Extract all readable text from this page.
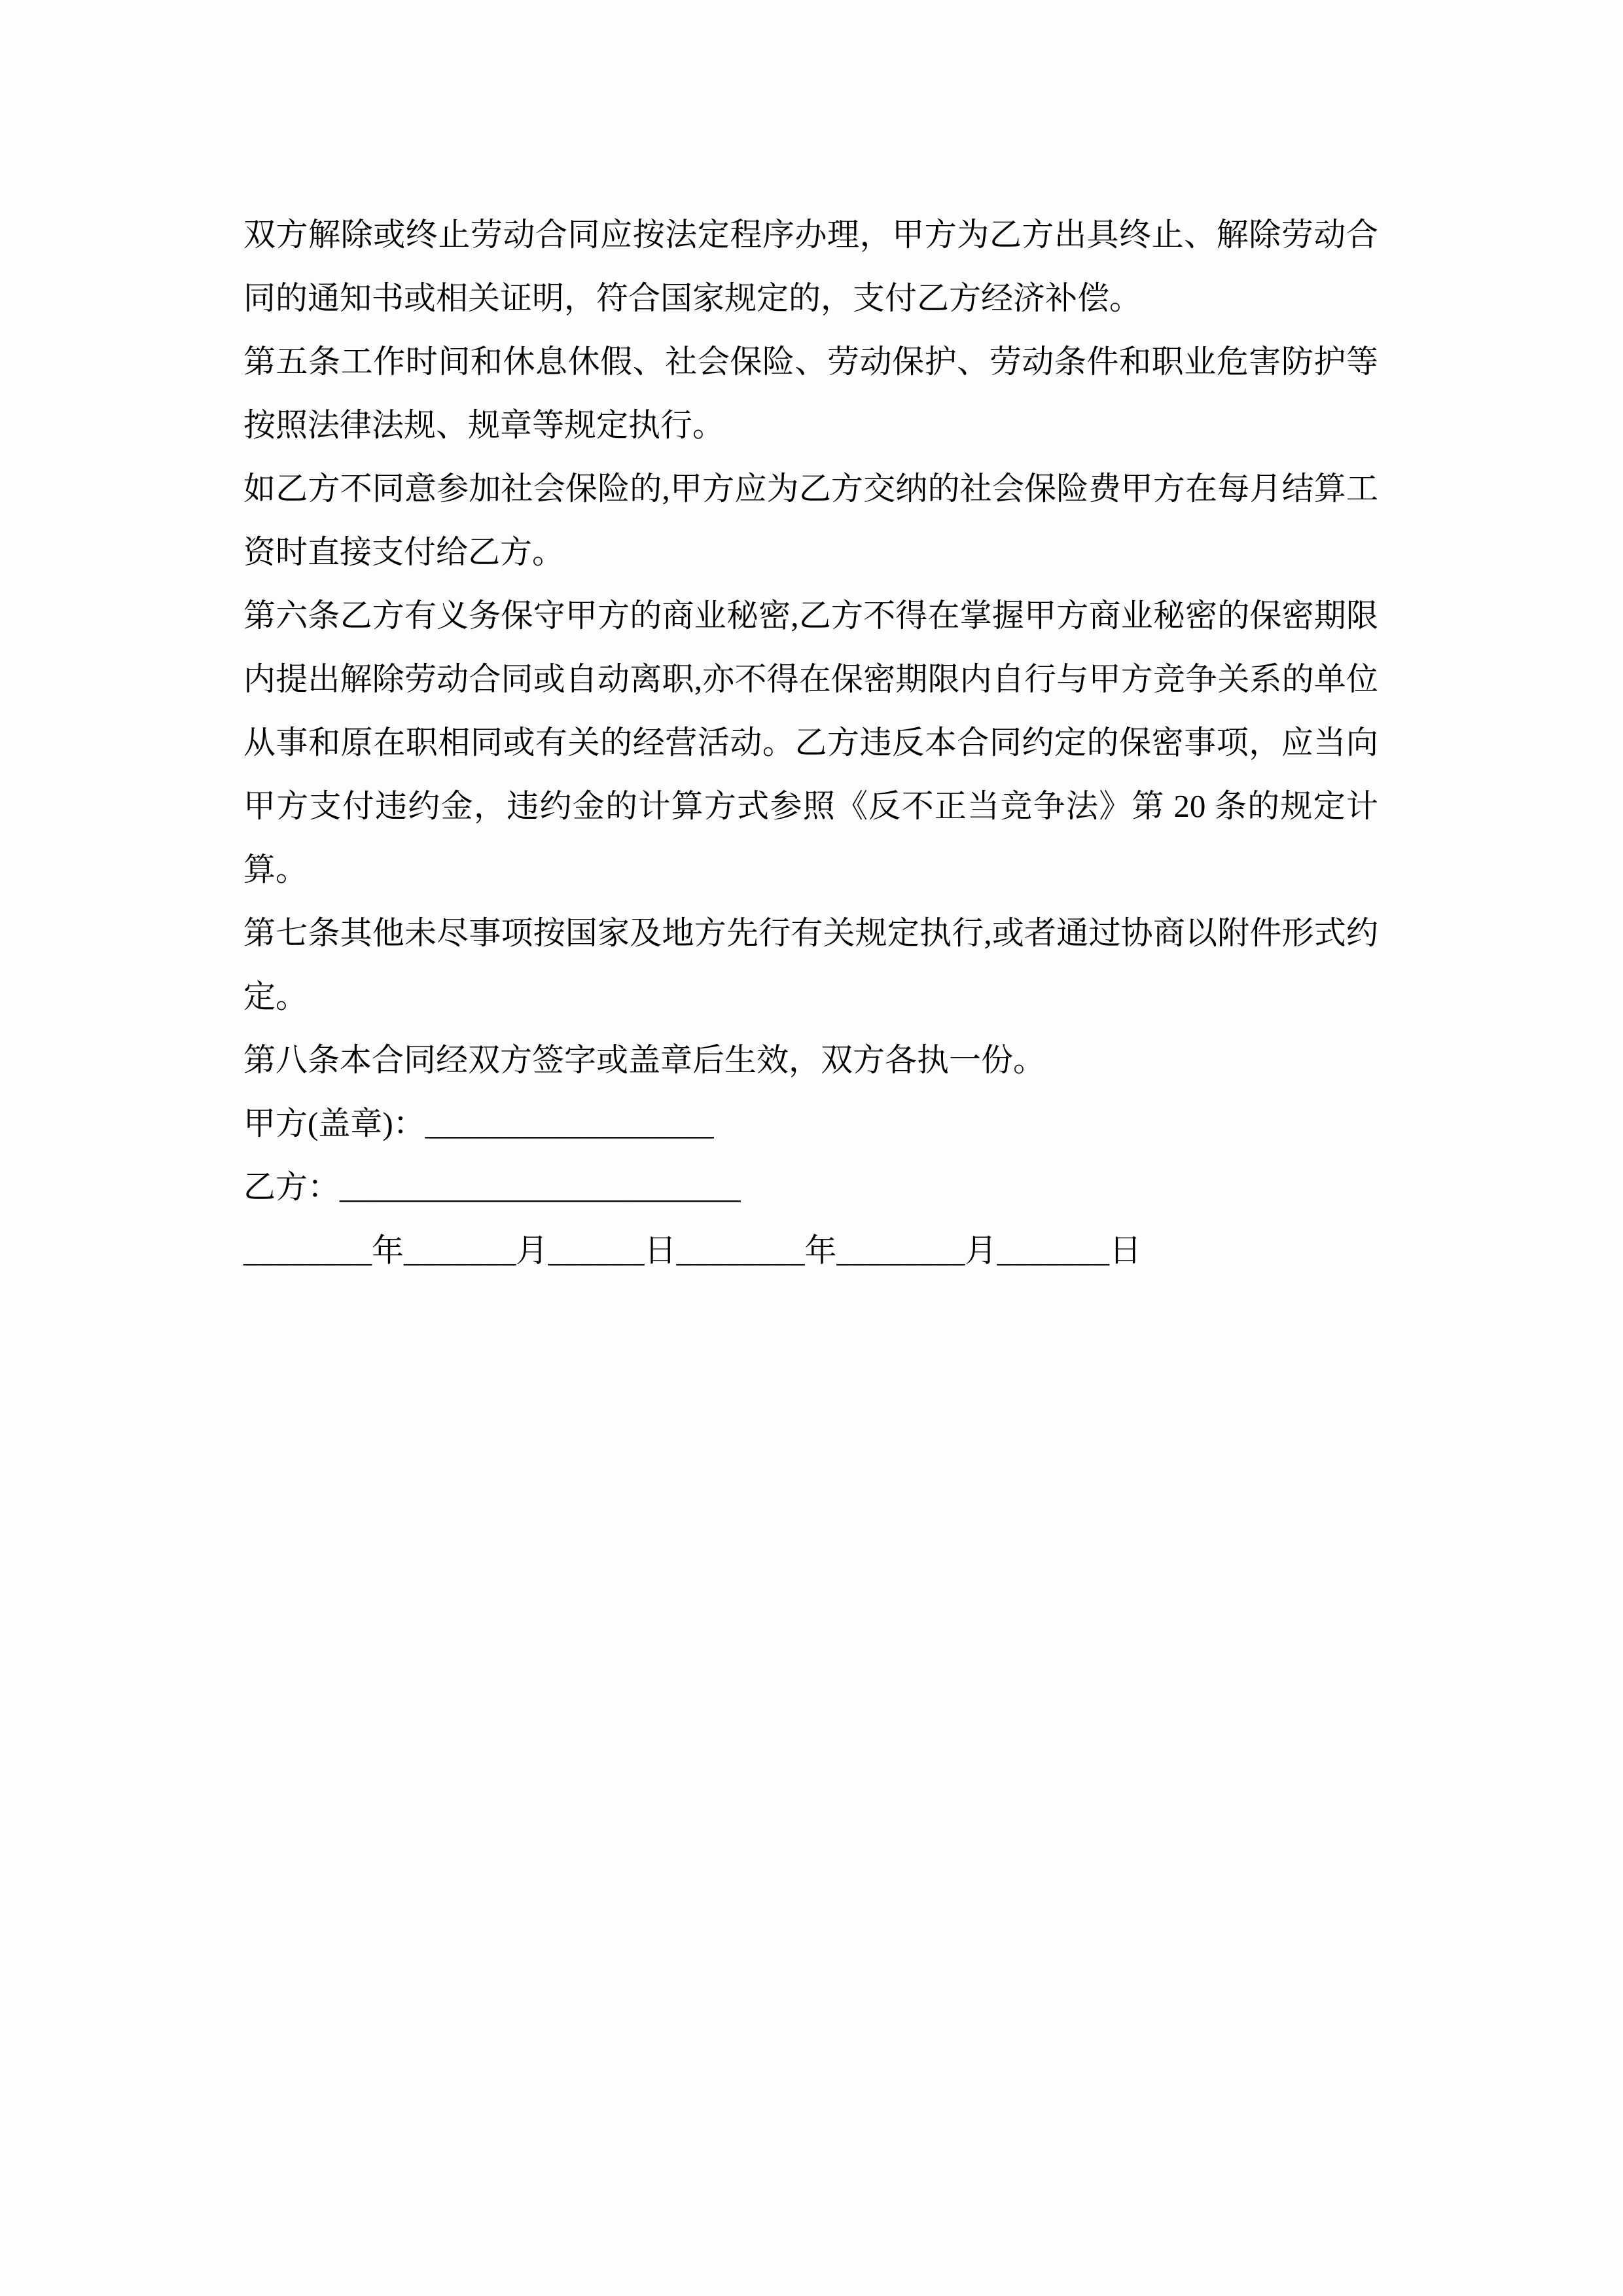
双方解除或终止劳动合同应按法定程序办理，甲方为乙方出具终止、解除劳动合同的通知书或相关证明，符合国家规定的，支付乙方经济补偿。

第五条工作时间和休息休假、社会保险、劳动保护、劳动条件和职业危害防护等按照法律法规、规章等规定执行。

如乙方不同意参加社会保险的,甲方应为乙方交纳的社会保险费甲方在每月结算工资时直接支付给乙方。

第六条乙方有义务保守甲方的商业秘密,乙方不得在掌握甲方商业秘密的保密期限内提出解除劳动合同或自动离职,亦不得在保密期限内自行与甲方竞争关系的单位从事和原在职相同或有关的经营活动。乙方违反本合同约定的保密事项，应当向甲方支付违约金，违约金的计算方式参照《反不正当竞争法》第 20 条的规定计算。

第七条其他未尽事项按国家及地方先行有关规定执行,或者通过协商以附件形式约定。

第八条本合同经双方签字或盖章后生效，双方各执一份。

甲方(盖章)：__________________

乙方：_________________________

________年_______月______日________年________月_______日
